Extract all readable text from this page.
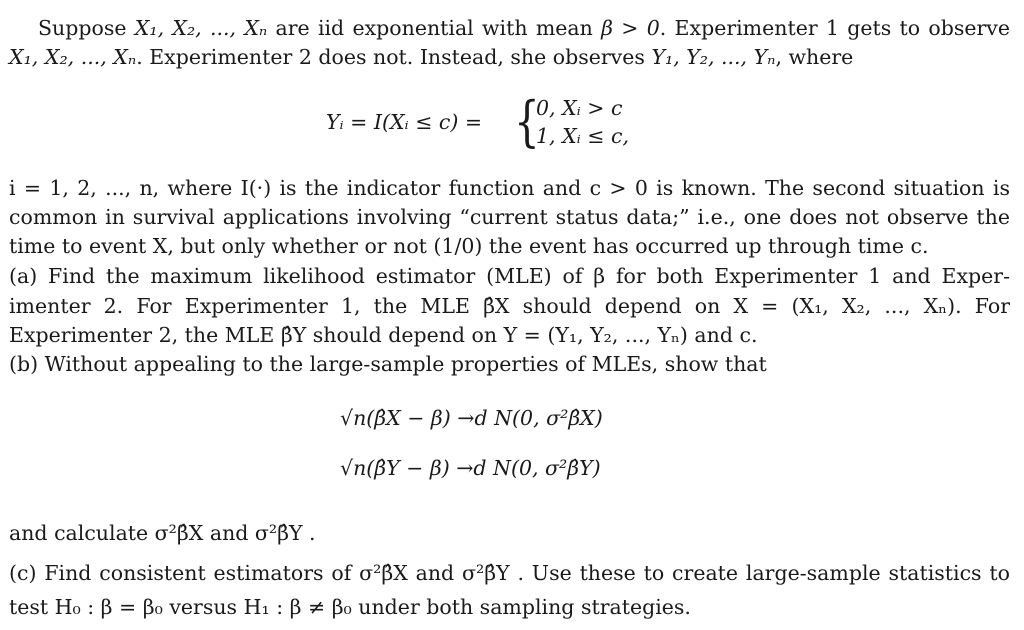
Suppose X₁, X₂, ..., Xₙ are iid exponential with mean β > 0. Experimenter 1 gets to observe
X₁, X₂, ..., Xₙ. Experimenter 2 does not. Instead, she observes Y₁, Y₂, ..., Yₙ, where
Yᵢ = I(Xᵢ ≤ c) = {
0, Xᵢ > c
1, Xᵢ ≤ c,
i = 1, 2, ..., n, where I(·) is the indicator function and c > 0 is known. The second situation is
common in survival applications involving “current status data;” i.e., one does not observe the
time to event X, but only whether or not (1/0) the event has occurred up through time c.
(a) Find the maximum likelihood estimator (MLE) of β for both Experimenter 1 and Exper-
imenter 2. For Experimenter 1, the MLE β̂X should depend on X = (X₁, X₂, ..., Xₙ). For
Experimenter 2, the MLE β̂Y should depend on Y = (Y₁, Y₂, ..., Yₙ) and c.
(b) Without appealing to the large-sample properties of MLEs, show that
√n(β̂X − β) →d N(0, σ²β̂X)
√n(β̂Y − β) →d N(0, σ²β̂Y)
and calculate σ²β̂X and σ²β̂Y .
(c) Find consistent estimators of σ²β̂X and σ²β̂Y . Use these to create large-sample statistics to
test H₀ : β = β₀ versus H₁ : β ≠ β₀ under both sampling strategies.
